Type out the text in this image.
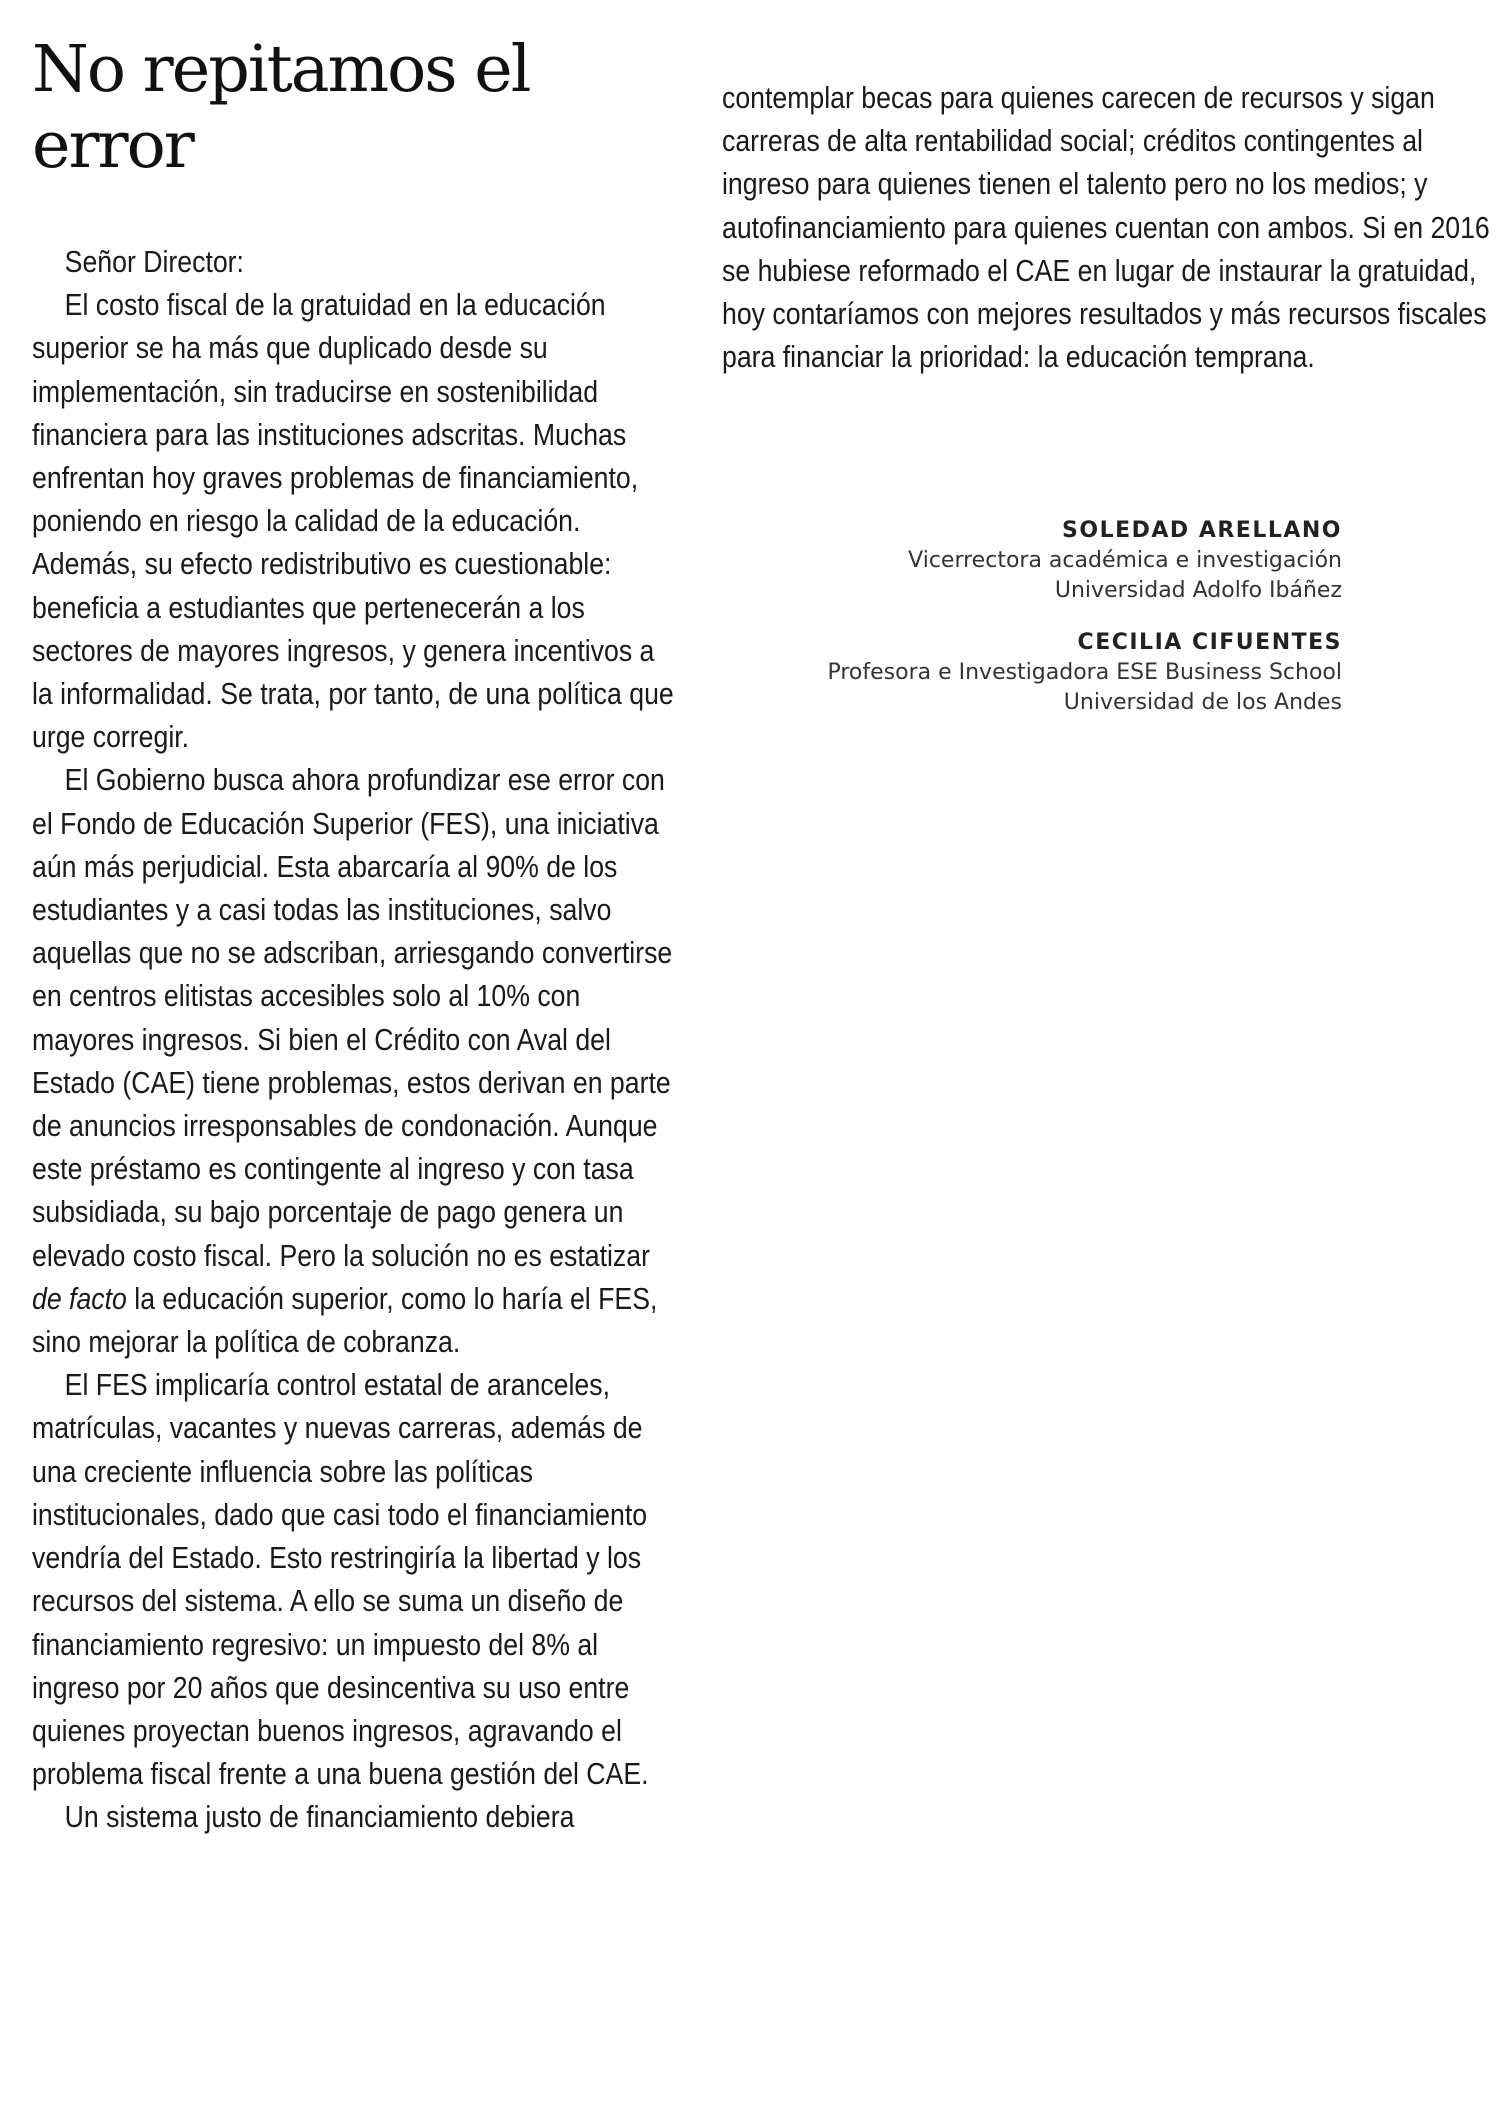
No repitamos el error

Señor Director:

El costo fiscal de la gratuidad en la educación superior se ha más que duplicado desde su implementación, sin traducirse en sostenibilidad financiera para las instituciones adscritas. Muchas enfrentan hoy graves problemas de financiamiento, poniendo en riesgo la calidad de la educación. Además, su efecto redistributivo es cuestionable: beneficia a estudiantes que pertenecerán a los sectores de mayores ingresos, y genera incentivos a la informalidad. Se trata, por tanto, de una política que urge corregir.

El Gobierno busca ahora profundizar ese error con el Fondo de Educación Superior (FES), una iniciativa aún más perjudicial. Esta abarcaría al 90% de los estudiantes y a casi todas las instituciones, salvo aquellas que no se adscriban, arriesgando convertirse en centros elitistas accesibles solo al 10% con mayores ingresos. Si bien el Crédito con Aval del Estado (CAE) tiene problemas, estos derivan en parte de anuncios irresponsables de condonación. Aunque este préstamo es contingente al ingreso y con tasa subsidiada, su bajo porcentaje de pago genera un elevado costo fiscal. Pero la solución no es estatizar de facto la educación superior, como lo haría el FES, sino mejorar la política de cobranza.

El FES implicaría control estatal de aranceles, matrículas, vacantes y nuevas carreras, además de una creciente influencia sobre las políticas institucionales, dado que casi todo el financiamiento vendría del Estado. Esto restringiría la libertad y los recursos del sistema. A ello se suma un diseño de financiamiento regresivo: un impuesto del 8% al ingreso por 20 años que desincentiva su uso entre quienes proyectan buenos ingresos, agravando el problema fiscal frente a una buena gestión del CAE.

Un sistema justo de financiamiento debiera

contemplar becas para quienes carecen de recursos y sigan carreras de alta rentabilidad social; créditos contingentes al ingreso para quienes tienen el talento pero no los medios; y autofinanciamiento para quienes cuentan con ambos. Si en 2016 se hubiese reformado el CAE en lugar de instaurar la gratuidad, hoy contaríamos con mejores resultados y más recursos fiscales para financiar la prioridad: la educación temprana.

SOLEDAD ARELLANO

Vicerrectora académica e investigación

Universidad Adolfo Ibáñez

CECILIA CIFUENTES

Profesora e Investigadora ESE Business School

Universidad de los Andes
